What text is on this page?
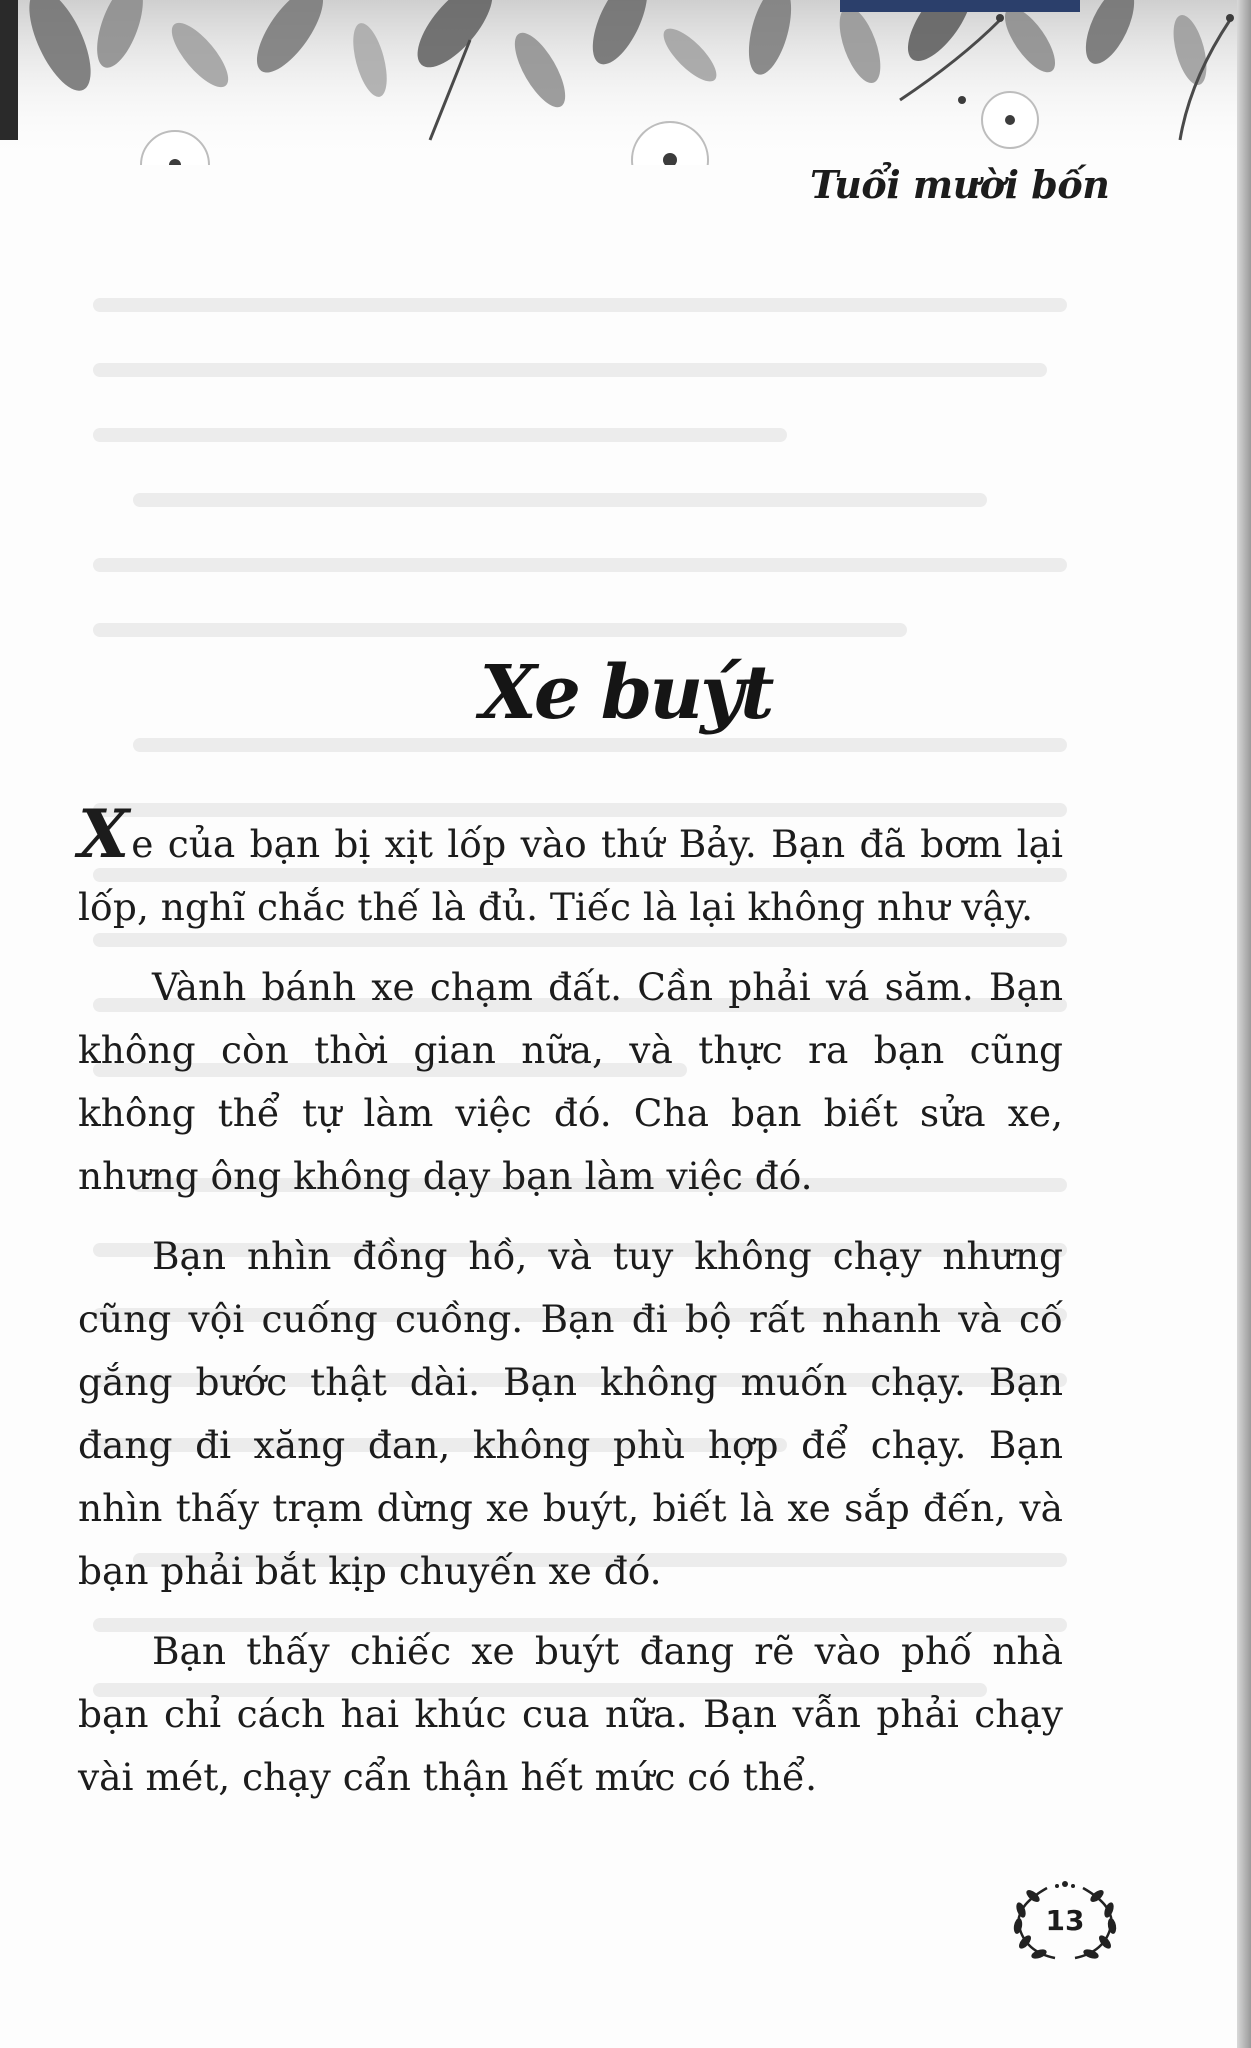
Tuổi mười bốn
Xe buýt

Xe của bạn bị xịt lốp vào thứ Bảy. Bạn đã bơm lại lốp, nghĩ chắc thế là đủ. Tiếc là lại không như vậy.

Vành bánh xe chạm đất. Cần phải vá săm. Bạn không còn thời gian nữa, và thực ra bạn cũng không thể tự làm việc đó. Cha bạn biết sửa xe, nhưng ông không dạy bạn làm việc đó.

Bạn nhìn đồng hồ, và tuy không chạy nhưng cũng vội cuống cuồng. Bạn đi bộ rất nhanh và cố gắng bước thật dài. Bạn không muốn chạy. Bạn đang đi xăng đan, không phù hợp để chạy. Bạn nhìn thấy trạm dừng xe buýt, biết là xe sắp đến, và bạn phải bắt kịp chuyến xe đó.

Bạn thấy chiếc xe buýt đang rẽ vào phố nhà bạn chỉ cách hai khúc cua nữa. Bạn vẫn phải chạy vài mét, chạy cẩn thận hết mức có thể.

13
